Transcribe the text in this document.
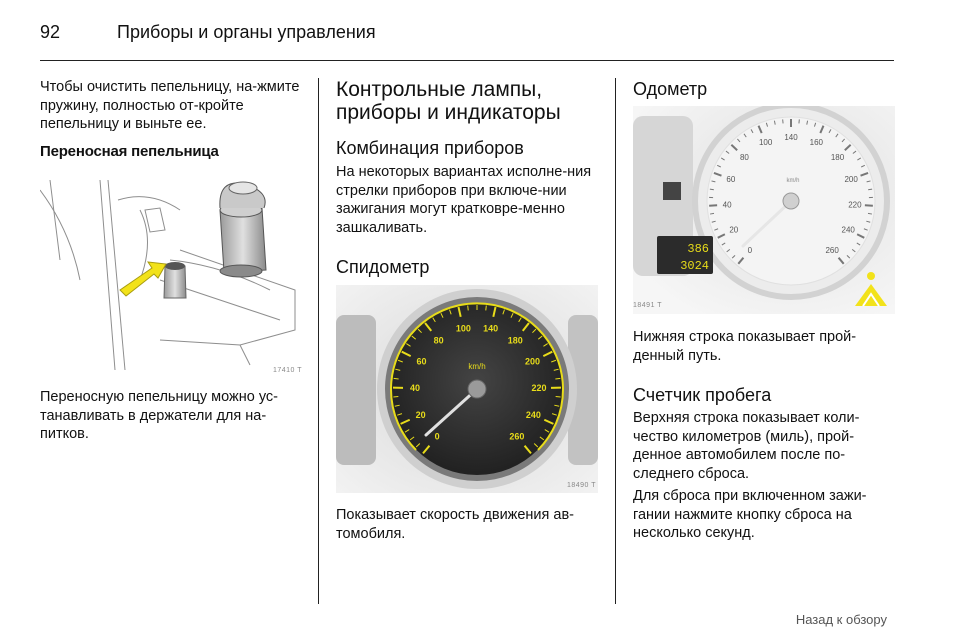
92	Приборы и органы управления

Чтобы очистить пепельницу, на-жмите пружину, полностью от-кройте пепельницу и выньте ее.

Переносная пепельница
17410 T

Переносную пепельницу можно ус-танавливать в держатели для на-питков.

Контрольные лампы, приборы и индикаторы
Комбинация приборов

На некоторых вариантах исполне-ния стрелки приборов при включе-нии зажигания могут кратковре-менно зашкаливать.

Спидометр
0
20
40
60
80
100 140
180
200
220
240
260
km/h
18490 T

Показывает скорость движения ав-томобиля.

Одометр
0
20
40
60
80
100
140
160
180
200
220
240
260
km/h
386
3024
18491 T

Нижняя строка показывает прой-денный путь.

Счетчик пробега

Верхняя строка показывает коли-чество километров (миль), прой-денное автомобилем после по-следнего сброса.

Для сброса при включенном зажи-гании нажмите кнопку сброса на несколько секунд.

Назад к обзору
